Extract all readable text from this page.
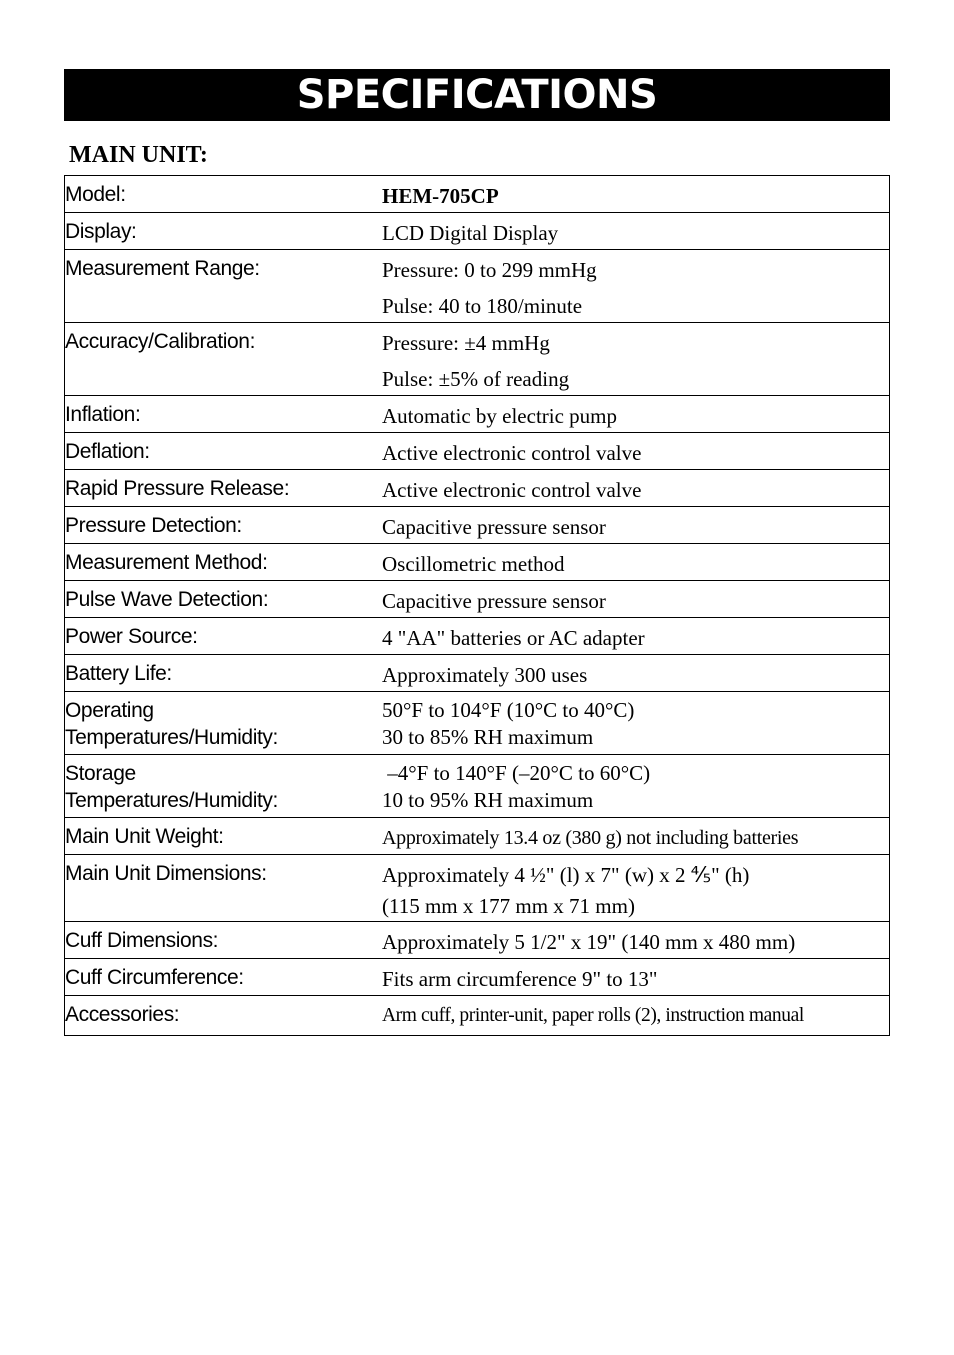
SPECIFICATIONS
MAIN UNIT:
Model:	HEM-705CP

Display:	LCD Digital Display

Measurement Range:	Pressure: 0 to 299 mmHg
Pulse: 40 to 180/minute

Accuracy/Calibration:	Pressure: ±4 mmHg
Pulse: ±5% of reading

Inflation:	Automatic by electric pump

Deflation:	Active electronic control valve

Rapid Pressure Release:	Active electronic control valve

Pressure Detection:	Capacitive pressure sensor

Measurement Method:	Oscillometric method

Pulse Wave Detection:	Capacitive pressure sensor

Power Source:	4 "AA" batteries or AC adapter

Battery Life:	Approximately 300 uses

Operating
Temperatures/Humidity:	50°F to 104°F (10°C to 40°C)
30 to 85% RH maximum

Storage
Temperatures/Humidity:	–4°F to 140°F (–20°C to 60°C)
10 to 95% RH maximum

Main Unit Weight:	Approximately 13.4 oz (380 g) not including batteries

Main Unit Dimensions:	Approximately 4 ½" (l) x 7" (w) x 2 ⅘" (h)
(115 mm x 177 mm x 71 mm)

Cuff Dimensions:	Approximately 5 1/2" x 19" (140 mm x 480 mm)

Cuff Circumference:	Fits arm circumference 9" to 13"

Accessories:	Arm cuff, printer-unit, paper rolls (2), instruction manual
